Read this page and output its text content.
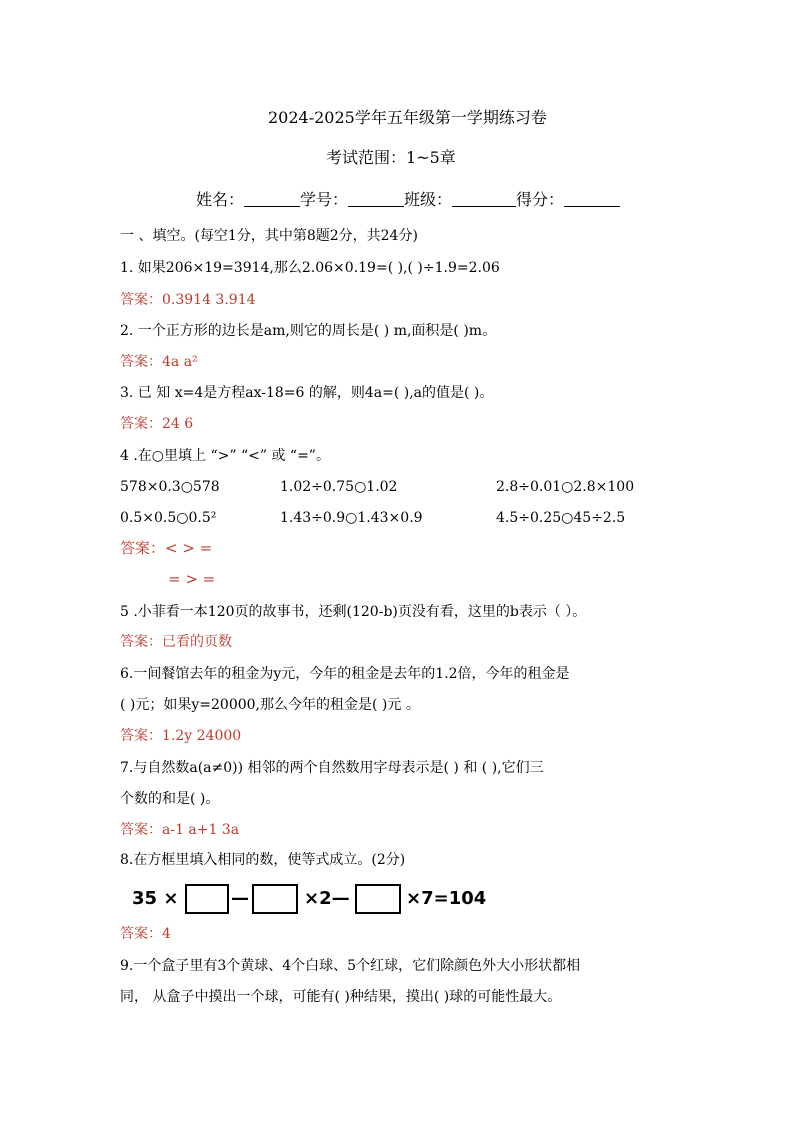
2024-2025学年五年级第一学期练习卷
考试范围：1~5章
姓名：	学号：	班级：	得分：
一 、填空。(每空1分，其中第8题2分，共24分)
1. 如果206×19=3914,那么2.06×0.19=( ),( )÷1.9=2.06
答案：0.3914 3.914
2. 一个正方形的边长是am,则它的周长是( ) m,面积是( )m。
答案：4a a²
3. 已 知 x=4是方程ax-18=6 的解，则4a=( ),a的值是( )。
答案：24 6
4 .在○里填上 “>” “<” 或 “=”。
578×0.3○578	1.02÷0.75○1.02	2.8÷0.01○2.8×100
0.5×0.5○0.5²	1.43÷0.9○1.43×0.9	4.5÷0.25○45÷2.5
答案：< > =
= > =
5 .小菲看一本120页的故事书，还剩(120-b)页没有看，这里的b表示（ ）。
答案：已看的页数
6.一间餐馆去年的租金为y元，今年的租金是去年的1.2倍，今年的租金是
( )元；如果y=20000,那么今年的租金是( )元 。
答案：1.2y 24000
7.与自然数a(a≠0)) 相邻的两个自然数用字母表示是( ) 和 ( ),它们三
个数的和是( )。
答案：a-1 a+1 3a
8.在方框里填入相同的数，使等式成立。(2分)
35 ×	—	×2—	×7=104
答案：4
9.一个盒子里有3个黄球、4个白球、5个红球，它们除颜色外大小形状都相
同， 从盒子中摸出一个球，可能有( )种结果，摸出( )球的可能性最大。
